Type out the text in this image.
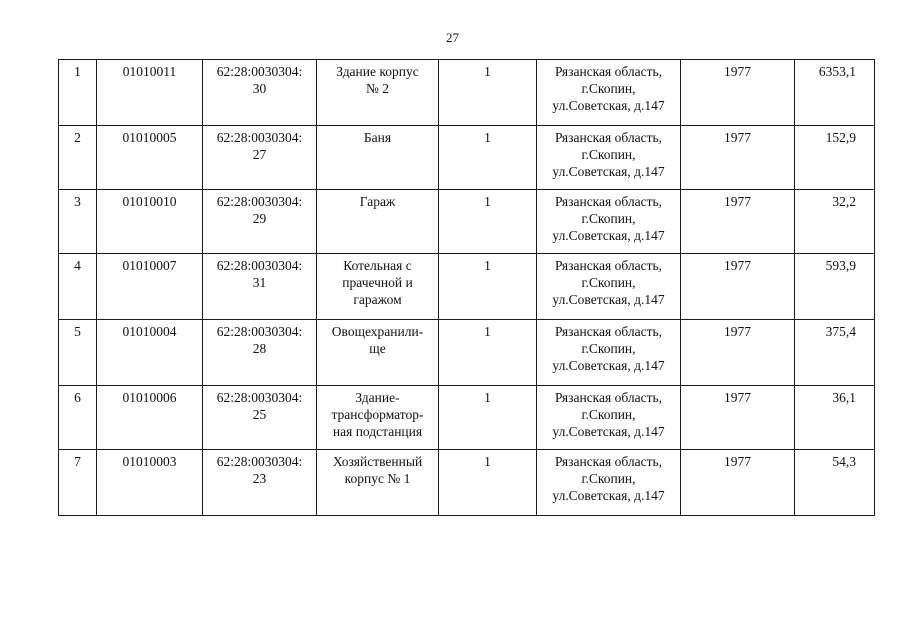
27
1	01010011	62:28:0030304:
30	Здание корпус
№ 2	1	Рязанская область,
г.Скопин,
ул.Советская, д.147	1977	6353,1
2	01010005	62:28:0030304:
27	Баня	1	Рязанская область,
г.Скопин,
ул.Советская, д.147	1977	152,9
3	01010010	62:28:0030304:
29	Гараж	1	Рязанская область,
г.Скопин,
ул.Советская, д.147	1977	32,2
4	01010007	62:28:0030304:
31	Котельная с
прачечной и
гаражом	1	Рязанская область,
г.Скопин,
ул.Советская, д.147	1977	593,9
5	01010004	62:28:0030304:
28	Овощехранили-
ще	1	Рязанская область,
г.Скопин,
ул.Советская, д.147	1977	375,4
6	01010006	62:28:0030304:
25	Здание-
трансформатор-
ная подстанция	1	Рязанская область,
г.Скопин,
ул.Советская, д.147	1977	36,1
7	01010003	62:28:0030304:
23	Хозяйственный
корпус № 1	1	Рязанская область,
г.Скопин,
ул.Советская, д.147	1977	54,3
